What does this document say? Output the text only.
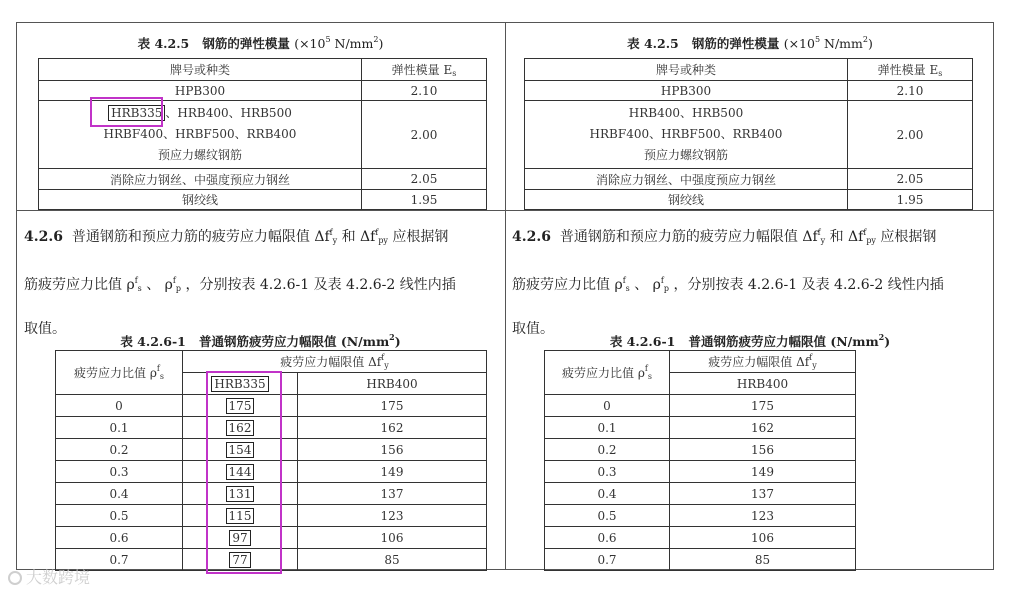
表 4.2.5 钢筋的弹性模量 ($\times 10^5$ $N/mm^2$)
牌号或种类	弹性模量 $E_s$
HPB300	2.10

HRB335 、HRB400、HRB500
HRBF400、HRBF500、RRB400
预应力螺纹钢筋	2.00
消除应力钢丝、中强度预应力钢丝	2.05
钢绞线	1.95
4.2.6 普通钢筋和预应力筋的疲劳应力幅限值 $\Delta f^f_y$ 和 $\Delta f^f_{py}$ 应根据钢
筋疲劳应力比值 $\rho^f_s$ 、 $\rho^f_p$ ，分别按表 4.2.6-1 及表 4.2.6-2 线性内插
取值。
表 4.2.6-1 普通钢筋疲劳应力幅限值 $(N/mm^2)$
疲劳应力比值 $\rho^f_s$	疲劳应力幅限值 $\Delta f^f_y$
	HRB335	HRB400
0	175	175
0.1	162	162
0.2	154	156
0.3	144	149
0.4	131	137
0.5	115	123
0.6	97	106
0.7	77	85
表 4.2.5 钢筋的弹性模量 ($\times 10^5$ $N/mm^2$)
牌号或种类	弹性模量 $E_s$
HPB300	2.10

HRB400、HRB500
HRBF400、HRBF500、RRB400
预应力螺纹钢筋	2.00
消除应力钢丝、中强度预应力钢丝	2.05
钢绞线	1.95
4.2.6 普通钢筋和预应力筋的疲劳应力幅限值 $\Delta f^f_y$ 和 $\Delta f^f_{py}$ 应根据钢
筋疲劳应力比值 $\rho^f_s$ 、 $\rho^f_p$ ，分别按表 4.2.6-1 及表 4.2.6-2 线性内插
取值。
表 4.2.6-1 普通钢筋疲劳应力幅限值 $(N/mm^2)$
疲劳应力比值 $\rho^f_s$	疲劳应力幅限值 $\Delta f^f_y$
	HRB400
0	175
0.1	162
0.2	156
0.3	149
0.4	137
0.5	123
0.6	106
0.7	85
大数跨境
